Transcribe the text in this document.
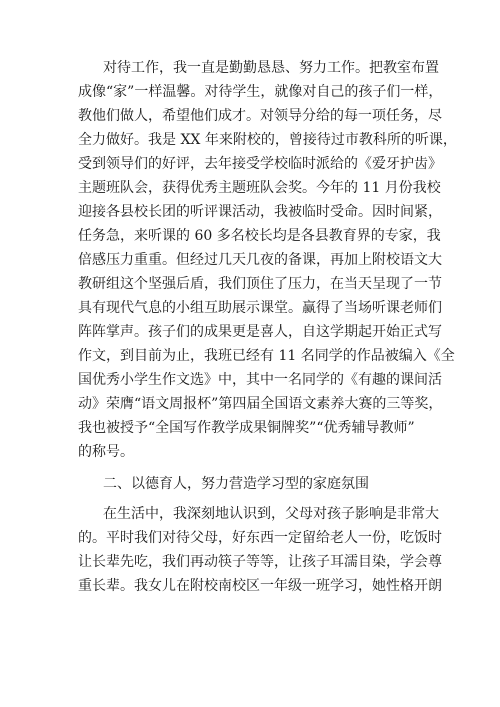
对待工作，我一直是勤勤恳恳、努力工作。把教室布置
成像“家”一样温馨。对待学生，就像对自己的孩子们一样，
教他们做人，希望他们成才。对领导分给的每一项任务，尽
全力做好。我是 XX 年来附校的，曾接待过市教科所的听课，
受到领导们的好评，去年接受学校临时派给的《爱牙护齿》
主题班队会，获得优秀主题班队会奖。今年的 11 月份我校
迎接各县校长团的听评课活动，我被临时受命。因时间紧，
任务急，来听课的 60 多名校长均是各县教育界的专家，我
倍感压力重重。但经过几天几夜的备课，再加上附校语文大
教研组这个坚强后盾，我们顶住了压力，在当天呈现了一节
具有现代气息的小组互助展示课堂。赢得了当场听课老师们
阵阵掌声。孩子们的成果更是喜人，自这学期起开始正式写
作文，到目前为止，我班已经有 11 名同学的作品被编入《全
国优秀小学生作文选》中，其中一名同学的《有趣的课间活
动》荣膺“语文周报杯”第四届全国语文素养大赛的三等奖，
我也被授予“全国写作教学成果铜牌奖”“优秀辅导教师”
的称号。
二、以德育人，努力营造学习型的家庭氛围
在生活中，我深刻地认识到，父母对孩子影响是非常大
的。平时我们对待父母，好东西一定留给老人一份，吃饭时
让长辈先吃，我们再动筷子等等，让孩子耳濡目染，学会尊
重长辈。我女儿在附校南校区一年级一班学习，她性格开朗
